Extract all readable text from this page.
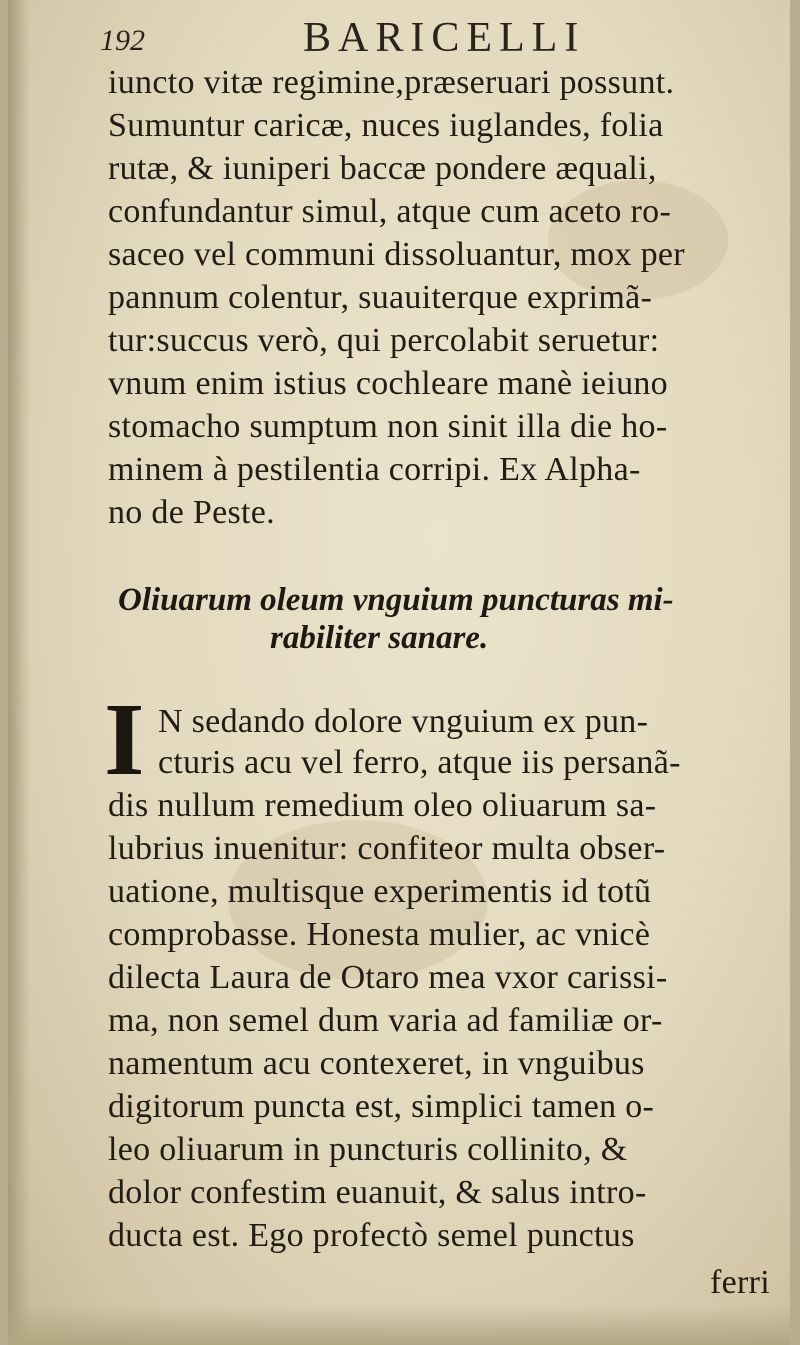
192	BARICELLI
iuncto vitæ regimine,præseruari possunt.
Sumuntur caricæ, nuces iuglandes, folia
rutæ, & iuniperi baccæ pondere æquali,
confundantur simul, atque cum aceto ro-
saceo vel communi dissoluantur, mox per
pannum colentur, suauiterque exprimã-
tur:succus verò, qui percolabit seruetur:
vnum enim istius cochleare manè ieiuno
stomacho sumptum non sinit illa die ho-
minem à pestilentia corripi. Ex Alpha-
no de Peste.
Oliuarum oleum vnguium puncturas mi-
rabiliter sanare.
I N sedando dolore vnguium ex pun-
cturis acu vel ferro, atque iis persanã-
dis nullum remedium oleo oliuarum sa-
lubrius inuenitur: confiteor multa obser-
uatione, multisque experimentis id totũ
comprobasse. Honesta mulier, ac vnicè
dilecta Laura de Otaro mea vxor carissi-
ma, non semel dum varia ad familiæ or-
namentum acu contexeret, in vnguibus
digitorum puncta est, simplici tamen o-
leo oliuarum in puncturis collinito, &
dolor confestim euanuit, & salus intro-
ducta est. Ego profectò semel punctus
ferri
